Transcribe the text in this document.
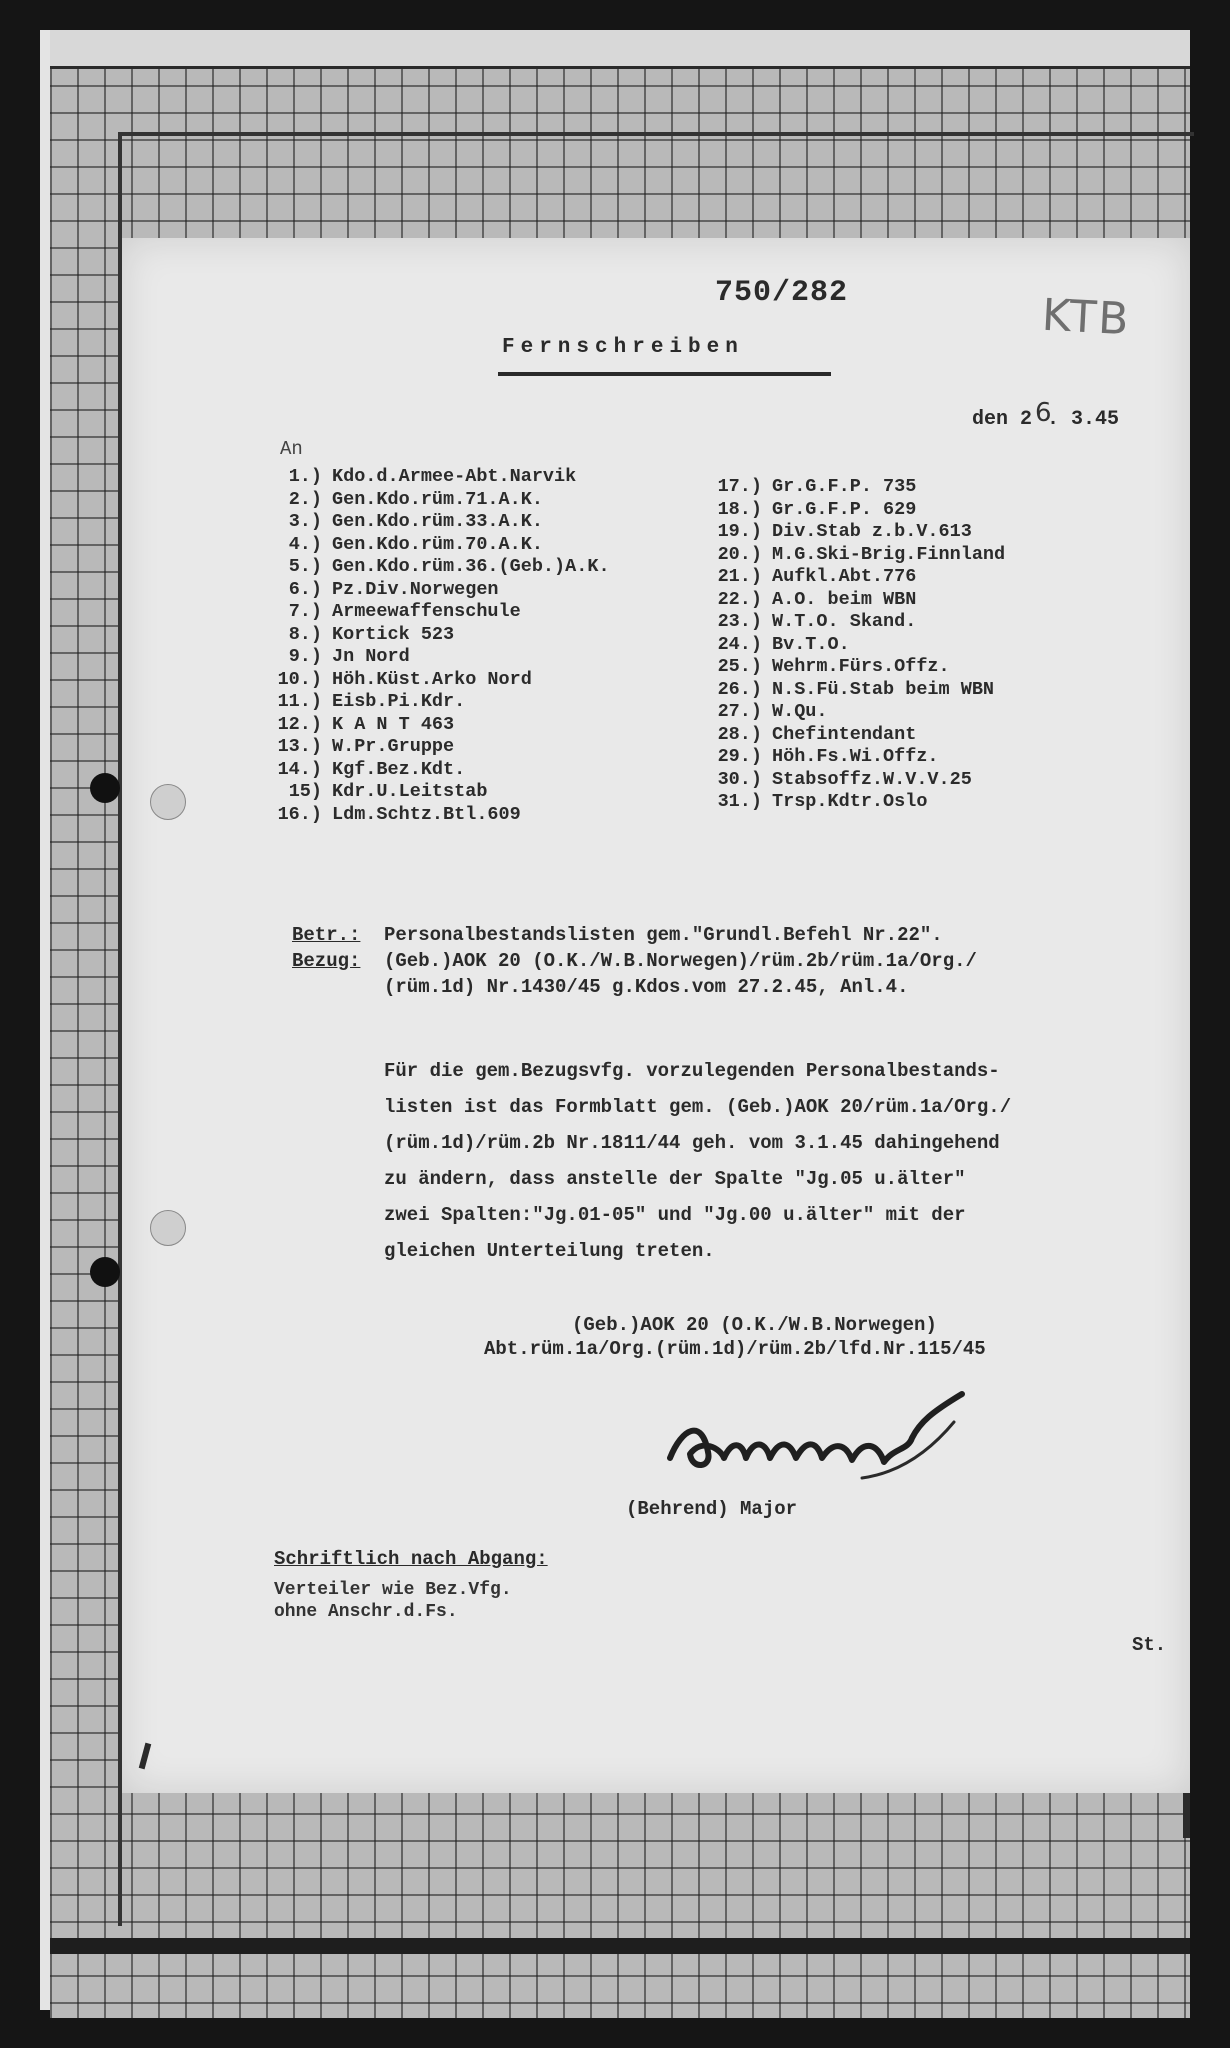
750/282	KTB
Fernschreiben
den 2 6
. 3.45
An
1.) Kdo.d.Armee-Abt.Narvik
2.) Gen.Kdo.rüm.71.A.K.
3.) Gen.Kdo.rüm.33.A.K.
4.) Gen.Kdo.rüm.70.A.K.
5.) Gen.Kdo.rüm.36.(Geb.)A.K.
6.) Pz.Div.Norwegen
7.) Armeewaffenschule
8.) Kortick 523
9.) Jn Nord
10.) Höh.Küst.Arko Nord
11.) Eisb.Pi.Kdr.
12.) K A N T 463
13.) W.Pr.Gruppe
14.) Kgf.Bez.Kdt.
15) Kdr.U.Leitstab
16.) Ldm.Schtz.Btl.609
17.) Gr.G.F.P. 735
18.) Gr.G.F.P. 629
19.) Div.Stab z.b.V.613
20.) M.G.Ski-Brig.Finnland
21.) Aufkl.Abt.776
22.) A.O. beim WBN
23.) W.T.O. Skand.
24.) Bv.T.O.
25.) Wehrm.Fürs.Offz.
26.) N.S.Fü.Stab beim WBN
27.) W.Qu.
28.) Chefintendant
29.) Höh.Fs.Wi.Offz.
30.) Stabsoffz.W.V.V.25
31.) Trsp.Kdtr.Oslo
Betr.: Personalbestandslisten gem."Grundl.Befehl Nr.22".
Bezug: (Geb.)AOK 20 (O.K./W.B.Norwegen)/rüm.2b/rüm.1a/Org./
(rüm.1d) Nr.1430/45 g.Kdos.vom 27.2.45, Anl.4.
Für die gem.Bezugsvfg. vorzulegenden Personalbestands-
listen ist das Formblatt gem. (Geb.)AOK 20/rüm.1a/Org./
(rüm.1d)/rüm.2b Nr.1811/44 geh. vom 3.1.45 dahingehend
zu ändern, dass anstelle der Spalte "Jg.05 u.älter"
zwei Spalten:"Jg.01-05" und "Jg.00 u.älter" mit der
gleichen Unterteilung treten.
(Geb.)AOK 20 (O.K./W.B.Norwegen)
Abt.rüm.1a/Org.(rüm.1d)/rüm.2b/lfd.Nr.115/45
(Behrend) Major
Schriftlich nach Abgang:
Verteiler wie Bez.Vfg.
ohne Anschr.d.Fs.
St.
